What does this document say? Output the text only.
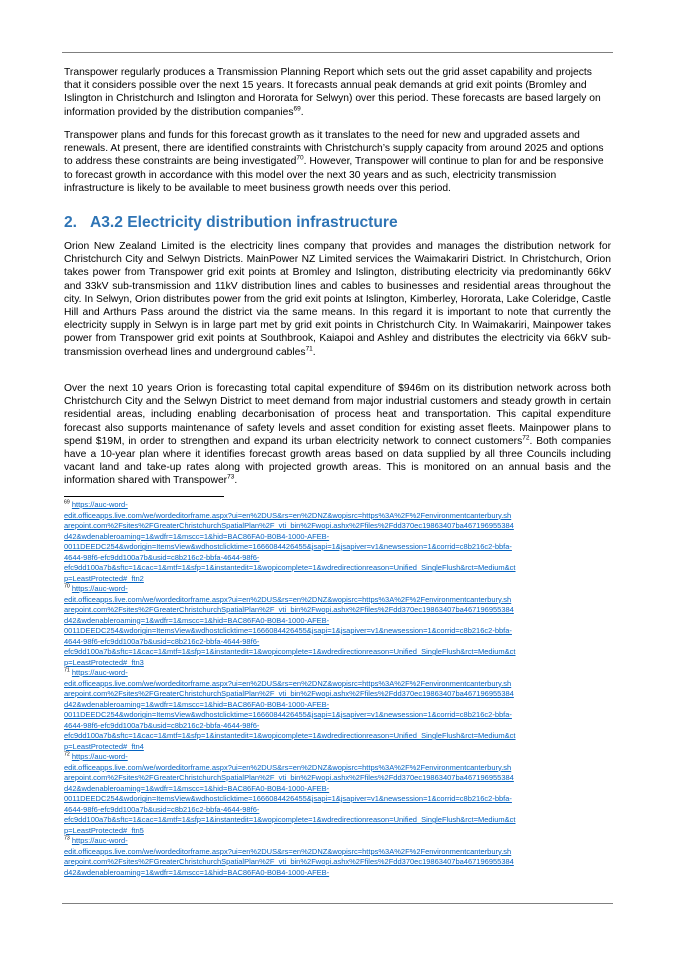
Transpower regularly produces a Transmission Planning Report which sets out the grid asset capability and projects that it considers possible over the next 15 years. It forecasts annual peak demands at grid exit points (Bromley and Islington in Christchurch and Islington and Hororata for Selwyn) over this period. These forecasts are based largely on information provided by the distribution companies$^{69}$.

Transpower plans and funds for this forecast growth as it translates to the need for new and upgraded assets and renewals. At present, there are identified constraints with Christchurch’s supply capacity from around 2025 and options to address these constraints are being investigated$^{70}$. However, Transpower will continue to plan for and be responsive to forecast growth in accordance with this model over the next 30 years and as such, electricity transmission infrastructure is likely to be available to meet business growth needs over this period.

2. A3.2 Electricity distribution infrastructure

Orion New Zealand Limited is the electricity lines company that provides and manages the distribution network for Christchurch City and Selwyn Districts. MainPower NZ Limited services the Waimakariri District. In Christchurch, Orion takes power from Transpower grid exit points at Bromley and Islington, distributing electricity via predominantly 66kV and 33kV sub-transmission and 11kV distribution lines and cables to businesses and residential areas throughout the city. In Selwyn, Orion distributes power from the grid exit points at Islington, Kimberley, Hororata, Lake Coleridge, Castle Hill and Arthurs Pass around the district via the same means. In this regard it is important to note that currently the electricity supply in Selwyn is in large part met by grid exit points in Christchurch City. In Waimakariri, Mainpower takes power from Transpower grid exit points at Southbrook, Kaiapoi and Ashley and distributes the electricity via 66kV sub-transmission overhead lines and underground cables$^{71}$.

Over the next 10 years Orion is forecasting total capital expenditure of $946m on its distribution network across both Christchurch City and the Selwyn District to meet demand from major industrial customers and steady growth in certain residential areas, including enabling decarbonisation of process heat and transportation. This capital expenditure forecast also supports maintenance of safety levels and asset condition for existing asset fleets. Mainpower plans to spend $19M, in order to strengthen and expand its urban electricity network to connect customers$^{72}$. Both companies have a 10-year plan where it identifies forecast growth areas based on data supplied by all three Councils including vacant land and take-up rates along with projected growth areas. This is monitored on an annual basis and the information shared with Transpower$^{73}$.

$^{69}$ https://auc-word-
edit.officeapps.live.com/we/wordeditorframe.aspx?ui=en%2DUS&rs=en%2DNZ&wopisrc=https%3A%2F%2Fenvironmentcanterbury.sh
arepoint.com%2Fsites%2FGreaterChristchurchSpatialPlan%2F_vti_bin%2Fwopi.ashx%2Ffiles%2Fdd370ec19863407ba467196955384
d42&wdenableroaming=1&wdfr=1&mscc=1&hid=BAC86FA0-B0B4-1000-AFEB-
0011DEEDC254&wdorigin=ItemsView&wdhostclicktime=1666084426455&jsapi=1&jsapiver=v1&newsession=1&corrid=c8b216c2-bbfa-
4644-98f6-efc9dd100a7b&usid=c8b216c2-bbfa-4644-98f6-
efc9dd100a7b&sftc=1&cac=1&mtf=1&sfp=1&instantedit=1&wopicomplete=1&wdredirectionreason=Unified_SingleFlush&rct=Medium&ct
p=LeastProtected#_ftn2

$^{70}$ https://auc-word-
edit.officeapps.live.com/we/wordeditorframe.aspx?ui=en%2DUS&rs=en%2DNZ&wopisrc=https%3A%2F%2Fenvironmentcanterbury.sh
arepoint.com%2Fsites%2FGreaterChristchurchSpatialPlan%2F_vti_bin%2Fwopi.ashx%2Ffiles%2Fdd370ec19863407ba467196955384
d42&wdenableroaming=1&wdfr=1&mscc=1&hid=BAC86FA0-B0B4-1000-AFEB-
0011DEEDC254&wdorigin=ItemsView&wdhostclicktime=1666084426455&jsapi=1&jsapiver=v1&newsession=1&corrid=c8b216c2-bbfa-
4644-98f6-efc9dd100a7b&usid=c8b216c2-bbfa-4644-98f6-
efc9dd100a7b&sftc=1&cac=1&mtf=1&sfp=1&instantedit=1&wopicomplete=1&wdredirectionreason=Unified_SingleFlush&rct=Medium&ct
p=LeastProtected#_ftn3

$^{71}$ https://auc-word-
edit.officeapps.live.com/we/wordeditorframe.aspx?ui=en%2DUS&rs=en%2DNZ&wopisrc=https%3A%2F%2Fenvironmentcanterbury.sh
arepoint.com%2Fsites%2FGreaterChristchurchSpatialPlan%2F_vti_bin%2Fwopi.ashx%2Ffiles%2Fdd370ec19863407ba467196955384
d42&wdenableroaming=1&wdfr=1&mscc=1&hid=BAC86FA0-B0B4-1000-AFEB-
0011DEEDC254&wdorigin=ItemsView&wdhostclicktime=1666084426455&jsapi=1&jsapiver=v1&newsession=1&corrid=c8b216c2-bbfa-
4644-98f6-efc9dd100a7b&usid=c8b216c2-bbfa-4644-98f6-
efc9dd100a7b&sftc=1&cac=1&mtf=1&sfp=1&instantedit=1&wopicomplete=1&wdredirectionreason=Unified_SingleFlush&rct=Medium&ct
p=LeastProtected#_ftn4

$^{72}$ https://auc-word-
edit.officeapps.live.com/we/wordeditorframe.aspx?ui=en%2DUS&rs=en%2DNZ&wopisrc=https%3A%2F%2Fenvironmentcanterbury.sh
arepoint.com%2Fsites%2FGreaterChristchurchSpatialPlan%2F_vti_bin%2Fwopi.ashx%2Ffiles%2Fdd370ec19863407ba467196955384
d42&wdenableroaming=1&wdfr=1&mscc=1&hid=BAC86FA0-B0B4-1000-AFEB-
0011DEEDC254&wdorigin=ItemsView&wdhostclicktime=1666084426455&jsapi=1&jsapiver=v1&newsession=1&corrid=c8b216c2-bbfa-
4644-98f6-efc9dd100a7b&usid=c8b216c2-bbfa-4644-98f6-
efc9dd100a7b&sftc=1&cac=1&mtf=1&sfp=1&instantedit=1&wopicomplete=1&wdredirectionreason=Unified_SingleFlush&rct=Medium&ct
p=LeastProtected#_ftn5

$^{73}$ https://auc-word-
edit.officeapps.live.com/we/wordeditorframe.aspx?ui=en%2DUS&rs=en%2DNZ&wopisrc=https%3A%2F%2Fenvironmentcanterbury.sh
arepoint.com%2Fsites%2FGreaterChristchurchSpatialPlan%2F_vti_bin%2Fwopi.ashx%2Ffiles%2Fdd370ec19863407ba467196955384
d42&wdenableroaming=1&wdfr=1&mscc=1&hid=BAC86FA0-B0B4-1000-AFEB-
